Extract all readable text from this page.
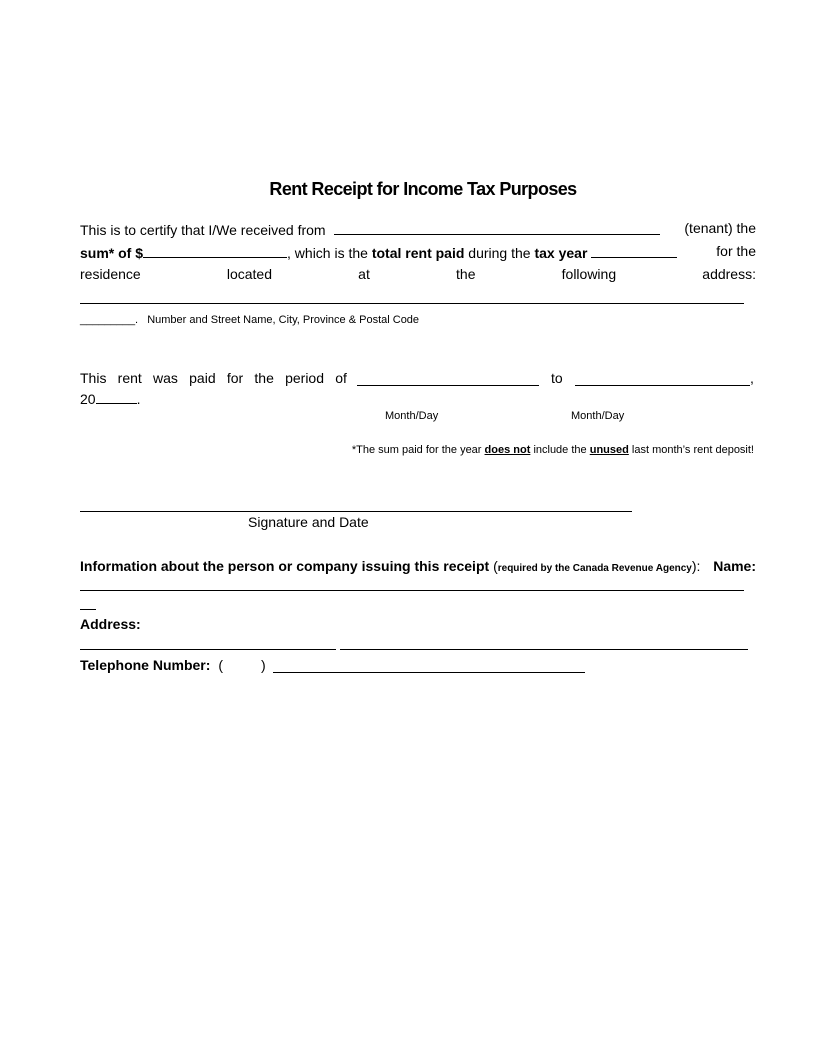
Rent Receipt for Income Tax Purposes
This is to certify that I/We received from	(tenant) the
sum* of $	, which is the total rent paid during the tax year	for the
residence	located	at	the	following	address:
_________. Number and Street Name, City, Province & Postal Code
This rent was paid for the period of	to	,
20	.
Month/Day	Month/Day
*The sum paid for the year does not include the unused last month’s rent deposit!
Signature and Date
Information about the person or company issuing this receipt (required by the Canada Revenue Agency): Name:
Address:
Telephone Number: (	)
